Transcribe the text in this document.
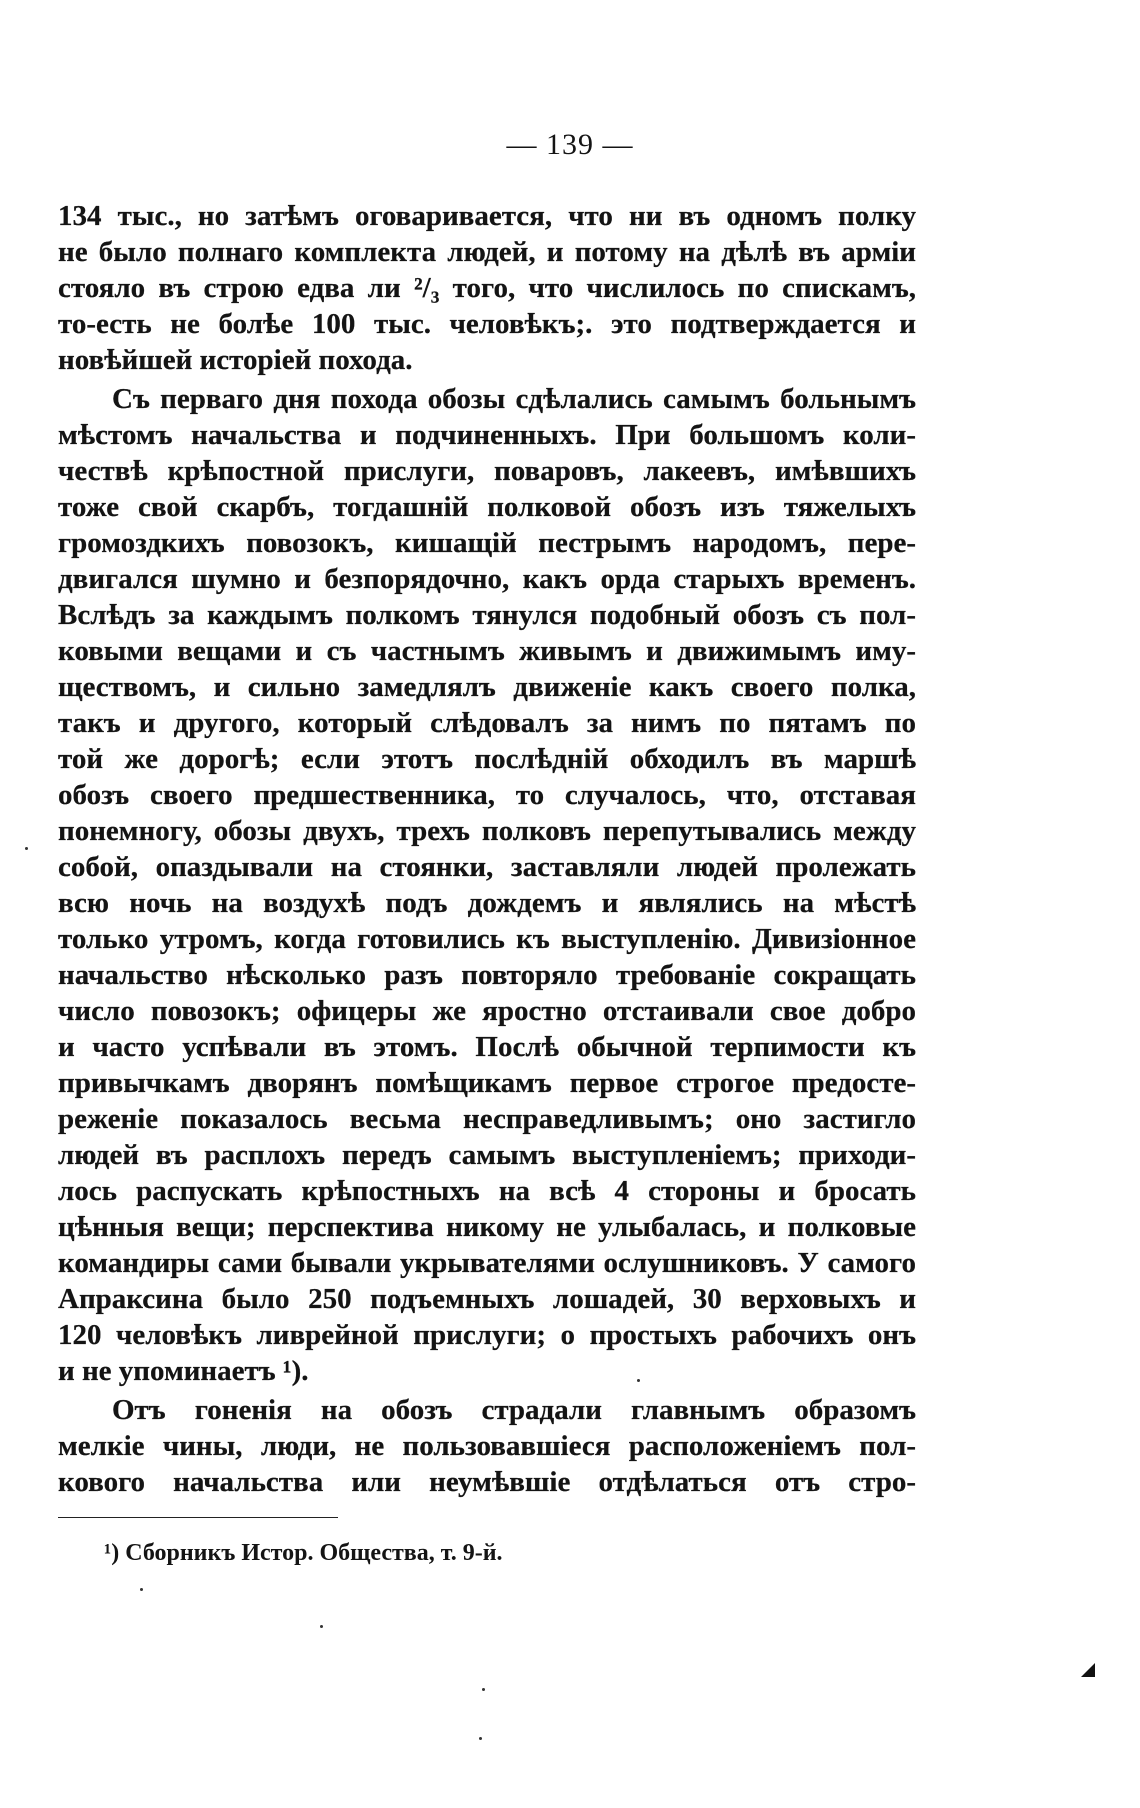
— 139 —
134 тыс., но затѣмъ оговаривается, что ни въ одномъ полку
не было полнаго комплекта людей, и потому на дѣлѣ въ арміи
стояло въ строю едва ли ²/₃ того, что числилось по спискамъ,
то-есть не болѣе 100 тыс. человѣкъ;. это подтверждается и
новѣйшей исторіей похода.
Съ перваго дня похода обозы сдѣлались самымъ больнымъ
мѣстомъ начальства и подчиненныхъ. При большомъ коли-
чествѣ крѣпостной прислуги, поваровъ, лакеевъ, имѣвшихъ
тоже свой скарбъ, тогдашній полковой обозъ изъ тяжелыхъ
громоздкихъ повозокъ, кишащій пестрымъ народомъ, пере-
двигался шумно и безпорядочно, какъ орда старыхъ временъ.
Вслѣдъ за каждымъ полкомъ тянулся подобный обозъ съ пол-
ковыми вещами и съ частнымъ живымъ и движимымъ иму-
ществомъ, и сильно замедлялъ движеніе какъ своего полка,
такъ и другого, который слѣдовалъ за нимъ по пятамъ по
той же дорогѣ; если этотъ послѣдній обходилъ въ маршѣ
обозъ своего предшественника, то случалось, что, отставая
понемногу, обозы двухъ, трехъ полковъ перепутывались между
собой, опаздывали на стоянки, заставляли людей пролежать
всю ночь на воздухѣ подъ дождемъ и являлись на мѣстѣ
только утромъ, когда готовились къ выступленію. Дивизіонное
начальство нѣсколько разъ повторяло требованіе сокращать
число повозокъ; офицеры же яростно отстаивали свое добро
и часто успѣвали въ этомъ. Послѣ обычной терпимости къ
привычкамъ дворянъ помѣщикамъ первое строгое предосте-
реженіе показалось весьма несправедливымъ; оно застигло
людей въ расплохъ передъ самымъ выступленіемъ; приходи-
лось распускать крѣпостныхъ на всѣ 4 стороны и бросать
цѣнныя вещи; перспектива никому не улыбалась, и полковые
командиры сами бывали укрывателями ослушниковъ. У самого
Апраксина было 250 подъемныхъ лошадей, 30 верховыхъ и
120 человѣкъ ливрейной прислуги; о простыхъ рабочихъ онъ
и не упоминаетъ ¹).
Отъ гоненія на обозъ страдали главнымъ образомъ
мелкіе чины, люди, не пользовавшіеся расположеніемъ пол-
кового начальства или неумѣвшіе отдѣлаться отъ стро-
¹) Сборникъ Истор. Общества, т. 9-й.
